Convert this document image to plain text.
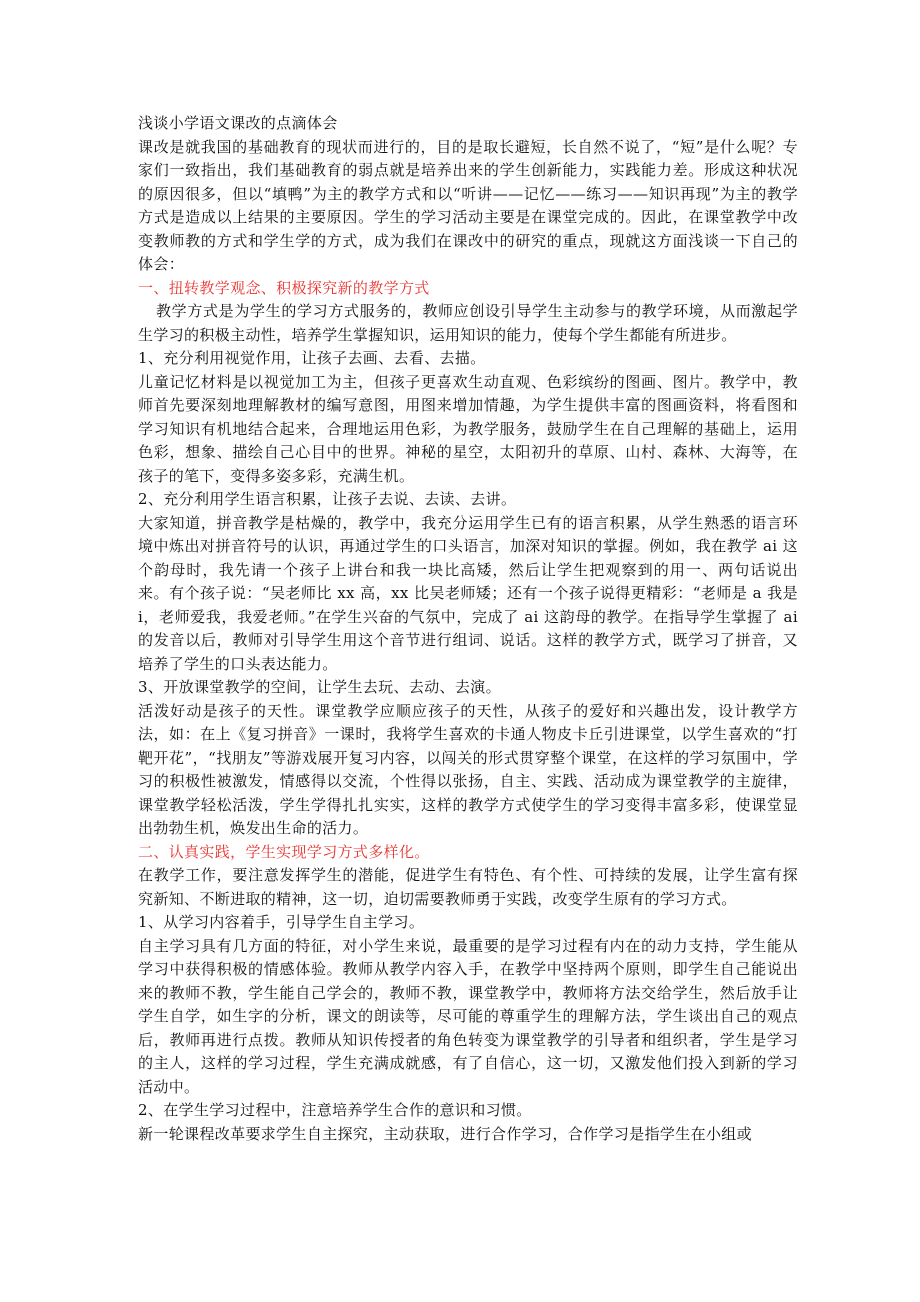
浅谈小学语文课改的点滴体会

课改是就我国的基础教育的现状而进行的，目的是取长避短，长自然不说了，“短”是什么呢？专家们一致指出，我们基础教育的弱点就是培养出来的学生创新能力，实践能力差。形成这种状况的原因很多，但以“填鸭”为主的教学方式和以“听讲——记忆——练习——知识再现”为主的教学方式是造成以上结果的主要原因。学生的学习活动主要是在课堂完成的。因此，在课堂教学中改变教师教的方式和学生学的方式，成为我们在课改中的研究的重点，现就这方面浅谈一下自己的体会：

一、扭转教学观念、积极探究新的教学方式

教学方式是为学生的学习方式服务的，教师应创设引导学生主动参与的教学环境，从而激起学生学习的积极主动性，培养学生掌握知识，运用知识的能力，使每个学生都能有所进步。

1、充分利用视觉作用，让孩子去画、去看、去描。

儿童记忆材料是以视觉加工为主，但孩子更喜欢生动直观、色彩缤纷的图画、图片。教学中，教师首先要深刻地理解教材的编写意图，用图来增加情趣，为学生提供丰富的图画资料，将看图和学习知识有机地结合起来，合理地运用色彩，为教学服务，鼓励学生在自己理解的基础上，运用色彩，想象、描绘自己心目中的世界。神秘的星空，太阳初升的草原、山村、森林、大海等，在孩子的笔下，变得多姿多彩，充满生机。

2、充分利用学生语言积累，让孩子去说、去读、去讲。

大家知道，拼音教学是枯燥的，教学中，我充分运用学生已有的语言积累，从学生熟悉的语言环境中炼出对拼音符号的认识，再通过学生的口头语言，加深对知识的掌握。例如，我在教学 ai 这个韵母时，我先请一个孩子上讲台和我一块比高矮，然后让学生把观察到的用一、两句话说出来。有个孩子说：“吴老师比 xx 高，xx 比吴老师矮；还有一个孩子说得更精彩：“老师是 a 我是 i，老师爱我，我爱老师。”在学生兴奋的气氛中，完成了 ai 这韵母的教学。在指导学生掌握了 ai 的发音以后，教师对引导学生用这个音节进行组词、说话。这样的教学方式，既学习了拼音，又培养了学生的口头表达能力。

3、开放课堂教学的空间，让学生去玩、去动、去演。

活泼好动是孩子的天性。课堂教学应顺应孩子的天性，从孩子的爱好和兴趣出发，设计教学方法，如：在上《复习拼音》一课时，我将学生喜欢的卡通人物皮卡丘引进课堂，以学生喜欢的“打靶开花”，“找朋友”等游戏展开复习内容，以闯关的形式贯穿整个课堂，在这样的学习氛围中，学习的积极性被激发，情感得以交流，个性得以张扬，自主、实践、活动成为课堂教学的主旋律，课堂教学轻松活泼，学生学得扎扎实实，这样的教学方式使学生的学习变得丰富多彩，使课堂显出勃勃生机，焕发出生命的活力。

二、认真实践，学生实现学习方式多样化。

在教学工作，要注意发挥学生的潜能，促进学生有特色、有个性、可持续的发展，让学生富有探究新知、不断进取的精神，这一切，迫切需要教师勇于实践，改变学生原有的学习方式。

1、从学习内容着手，引导学生自主学习。

自主学习具有几方面的特征，对小学生来说，最重要的是学习过程有内在的动力支持，学生能从学习中获得积极的情感体验。教师从教学内容入手，在教学中坚持两个原则，即学生自己能说出来的教师不教，学生能自己学会的，教师不教，课堂教学中，教师将方法交给学生，然后放手让学生自学，如生字的分析，课文的朗读等，尽可能的尊重学生的理解方法，学生谈出自己的观点后，教师再进行点拨。教师从知识传授者的角色转变为课堂教学的引导者和组织者，学生是学习的主人，这样的学习过程，学生充满成就感，有了自信心，这一切，又激发他们投入到新的学习活动中。

2、在学生学习过程中，注意培养学生合作的意识和习惯。

新一轮课程改革要求学生自主探究，主动获取，进行合作学习，合作学习是指学生在小组或
